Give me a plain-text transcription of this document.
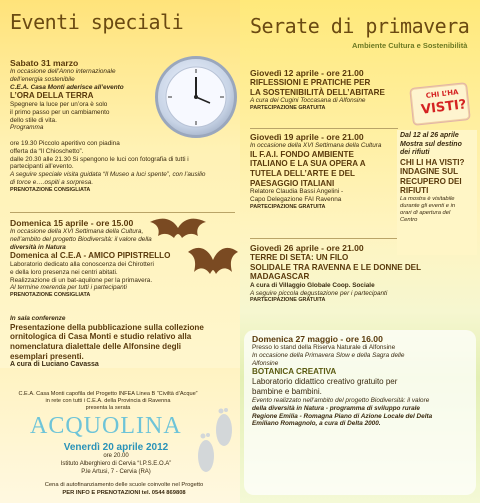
Eventi speciali
Sabato 31 marzo
In occasione dell’Anno internazionale
dell’energia sostenibile
C.E.A. Casa Monti aderisce all’evento
L’ORA DELLA TERRA
Spegnere la luce per un’ora è solo
il primo passo per un cambiamento
dello stile di vita.
Programma
ore 19.30 Piccolo aperitivo con piadina
offerta da “Il Chioschetto”.
dalle 20.30 alle 21.30 Si spengono le luci con fotografia di tutti i
partecipanti all’evento.
A seguire speciale visita guidata “Il Museo a luci spente”, con l’ausilio
di torce e….ospiti a sorpresa.
PRENOTAZIONE CONSIGLIATA
Domenica 15 aprile - ore 15.00
In occasione della XVI Settimana della Cultura,
nell’ambito del progetto Biodiversità: il valore della
diversità in Natura
Domenica al C.E.A - AMICO PIPISTRELLO
Laboratorio dedicato alla conoscenza dei Chirotteri
e della loro presenza nei centri abitati.
Realizzazione di un bat-aquilone per la primavera.
Al termine merenda per tutti i partecipanti
PRENOTAZIONE CONSIGLIATA
In sala conferenze
Presentazione della pubblicazione sulla collezione
ornitologica di Casa Monti e studio relativo alla
nomenclatura dialettale delle Alfonsine degli
esemplari presenti.
A cura di Luciano Cavassa
C.E.A. Casa Monti capofila del Progetto INFEA Linea B “Civiltà d’Acque”
in rete con tutti i C.E.A. della Provincia di Ravenna
presenta la serata
ACQUOLINA
Venerdì 20 aprile 2012
ore 20.00
Istituto Alberghiero di Cervia “I.P.S.E.O.A”
P.le Artusi, 7 - Cervia (RA)
Cena di autofinanziamento delle scuole coinvolte nel Progetto
PER INFO E PRENOTAZIONI tel. 0544 869808
Serate di primavera
Ambiente Cultura e Sostenibilità
Giovedì 12 aprile - ore 21.00
RIFLESSIONI E PRATICHE PER
LA SOSTENIBILITÀ DELL’ABITARE
A cura dei Cugini Toccasana di Alfonsine
PARTECIPAZIONE GRATUITA
Giovedì 19 aprile - ore 21.00
In occasione della XVI Settimana della Cultura
IL F.A.I. FONDO AMBIENTE
ITALIANO E LA SUA OPERA A
TUTELA DELL’ARTE E DEL
PAESAGGIO ITALIANI
Relatore Claudia Bassi Angelini -
Capo Delegazione FAI Ravenna
PARTECIPAZIONE GRATUITA
CHI L’HA
VISTI?
Dal 12 al 26 aprile
Mostra sul destino
dei rifiuti
CHI LI HA VISTI?
INDAGINE SUL
RECUPERO DEI
RIFIUTI
La mostra è visitabile
durante gli eventi e in
orari di apertura del
Centro
Giovedì 26 aprile - ore 21.00
TERRE DI SETA: UN FILO
SOLIDALE TRA RAVENNA E LE DONNE DEL
MADAGASCAR
A cura di Villaggio Globale Coop. Sociale
A seguire piccola degustazione per i partecipanti
PARTECIPAZIONE GRATUITA
Domenica 27 maggio - ore 16.00
Presso lo stand della Riserva Naturale di Alfonsine
In occasione della Primavera Slow e della Sagra delle
Alfonsine
BOTANICA CREATIVA
Laboratorio didattico creativo gratuito per
bambine e bambini.
Evento realizzato nell’ambito del progetto Biodiversità: il valore
della diversità in Natura - programma di sviluppo rurale
Regione Emilia - Romagna Piano di Azione Locale del Delta
Emiliano Romagnolo, a cura di Delta 2000.
